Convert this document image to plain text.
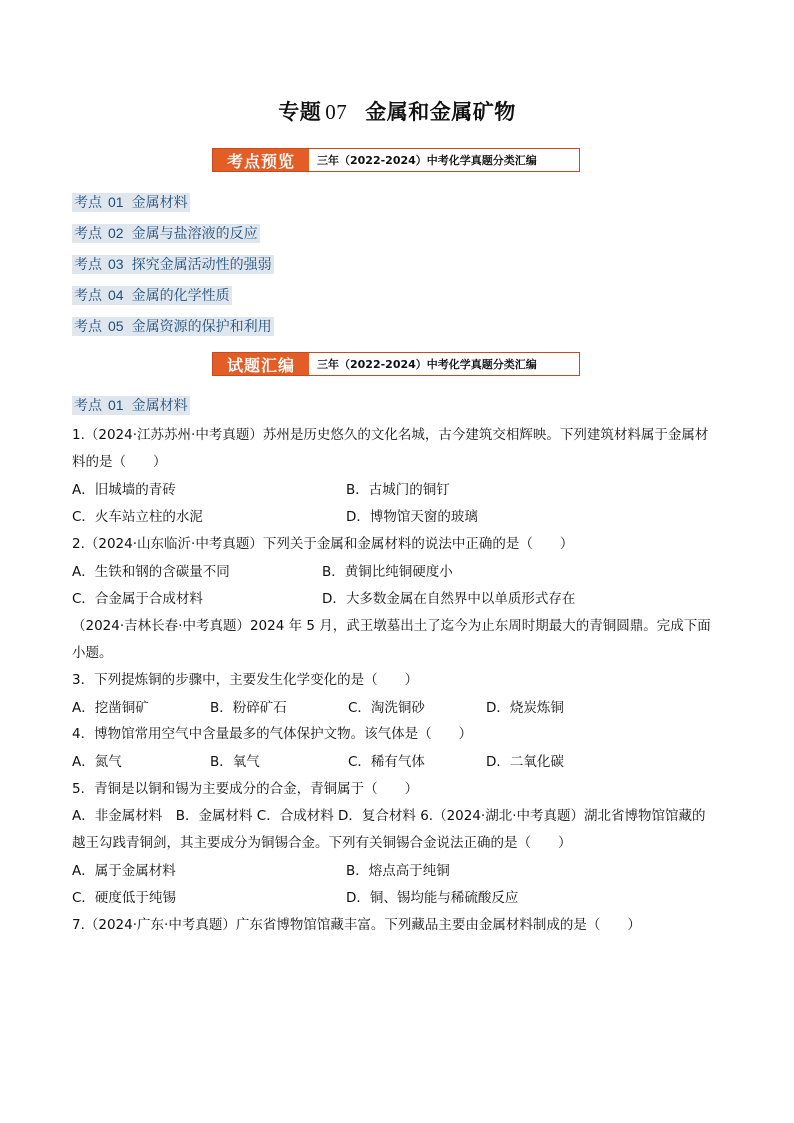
专题 07 金属和金属矿物
考点预览	三年（2022-2024）中考化学真题分类汇编
考点 01 金属材料
考点 02 金属与盐溶液的反应
考点 03 探究金属活动性的强弱
考点 04 金属的化学性质
考点 05 金属资源的保护和利用
试题汇编	三年（2022-2024）中考化学真题分类汇编
考点 01 金属材料
1.（2024·江苏苏州·中考真题）苏州是历史悠久的文化名城，古今建筑交相辉映。下列建筑材料属于金属材
料的是（　　）
A．旧城墙的青砖	B．古城门的铜钉
C．火车站立柱的水泥	D．博物馆天窗的玻璃
2.（2024·山东临沂·中考真题）下列关于金属和金属材料的说法中正确的是（　　）
A．生铁和钢的含碳量不同	B．黄铜比纯铜硬度小
C．合金属于合成材料	D．大多数金属在自然界中以单质形式存在
（2024·吉林长春·中考真题）2024 年 5 月，武王墩墓出土了迄今为止东周时期最大的青铜圆鼎。完成下面
小题。
3．下列提炼铜的步骤中，主要发生化学变化的是（　　）
A．挖凿铜矿	B．粉碎矿石	C．淘洗铜砂	D．烧炭炼铜
4．博物馆常用空气中含量最多的气体保护文物。该气体是（　　）
A．氮气	B．氧气	C．稀有气体	D．二氧化碳
5．青铜是以铜和锡为主要成分的合金，青铜属于（　　）
A．非金属材料　B．金属材料 C．合成材料 D．复合材料 6.（2024·湖北·中考真题）湖北省博物馆馆藏的
越王勾践青铜剑，其主要成分为铜锡合金。下列有关铜锡合金说法正确的是（　　）
A．属于金属材料	B．熔点高于纯铜
C．硬度低于纯锡	D．铜、锡均能与稀硫酸反应
7.（2024·广东·中考真题）广东省博物馆馆藏丰富。下列藏品主要由金属材料制成的是（　　）
